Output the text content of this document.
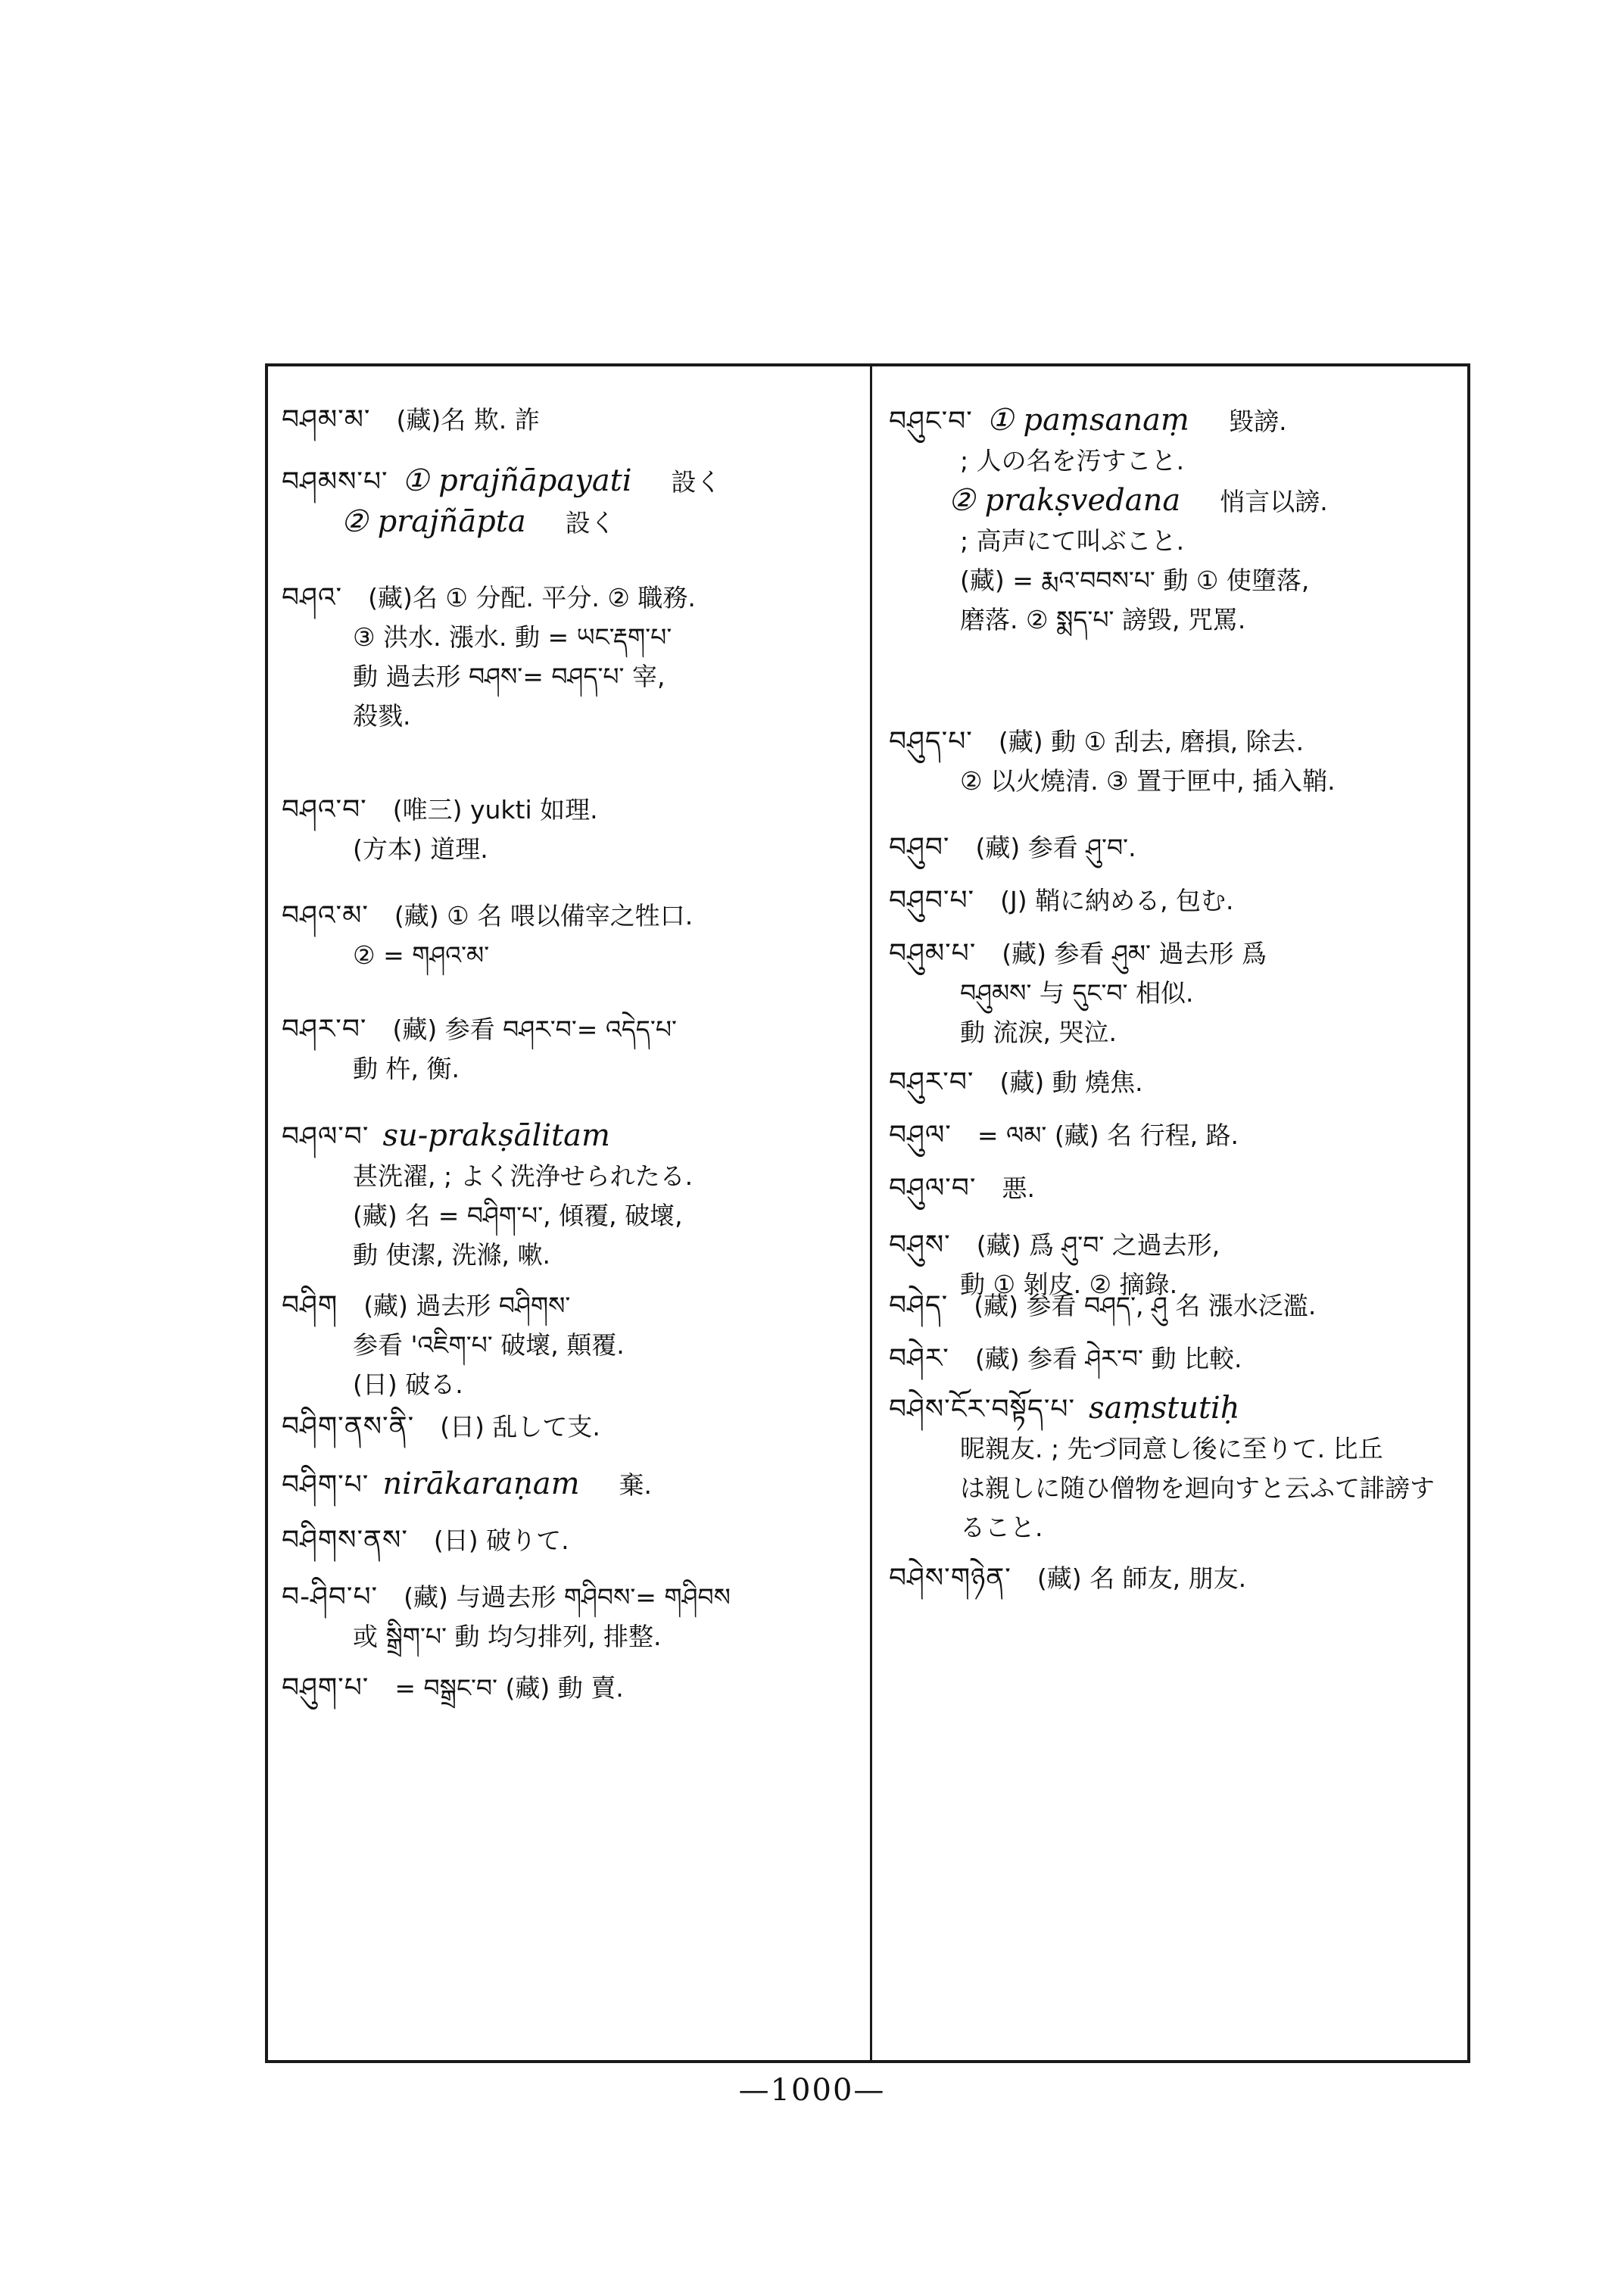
བཤམ་མ་ (藏)名 欺. 詐
བཤམས་པ་ ① prajñāpayati 設く
② prajñāpta 設く
བཤའ་ (藏)名 ① 分配. 平分. ② 職務.
③ 洪水. 漲水. 動 = ཡང་རྡག་པ་
動 過去形 བཤས་= བཤད་པ་ 宰,
殺戮.
བཤའ་བ་ (唯三) yukti 如理.
(方本) 道理.
བཤའ་མ་ (藏) ① 名 喂以備宰之牲口.
② = གཤའ་མ་
བཤར་བ་ (藏) 参看 བཤར་བ་= འདེད་པ་
動 杵, 衡.
བཤལ་བ་ su-prakṣālitam
甚洗濯, ; よく洗浄せられたる.
(藏) 名 = བཤིག་པ་, 傾覆, 破壞,
動 使潔, 洗滌, 嗽.
བཤིག (藏) 過去形 བཤིགས་
参看 'འཇིག་པ་ 破壞, 顛覆.
(日) 破る.
བཤིག་ནས་ནི་ (日) 乱して支.
བཤིག་པ་ nirākaraṇam 棄.
བཤིགས་ནས་ (日) 破りて.
བ-ཤིབ་པ་ (藏) 与過去形 གཤིབས་= གཤིབས
或 སྒྲིག་པ་ 動 均匀排列, 排整.
བཤུག་པ་ = བསྒྲང་བ་ (藏) 動 賣.
བཤུང་བ་ ① paṃsanaṃ 毀謗.
; 人の名を汚すこと.
② prakṣvedana 悄言以謗.
; 高声にて叫ぶこと.
(藏) = རྨའ་བབས་པ་ 動 ① 使墮落,
磨落. ② སྨད་པ་ 謗毀, 咒罵.
བཤུད་པ་ (藏) 動 ① 刮去, 磨損, 除去.
② 以火燒清. ③ 置于匣中, 插入鞘.
བཤུབ་ (藏) 参看 ཤུ་བ་.
བཤུབ་པ་ (J) 鞘に納める, 包む.
བཤུམ་པ་ (藏) 参看 ཤུམ་ 過去形 爲
བཤུམས་ 与 དུང་བ་ 相似.
動 流淚, 哭泣.
བཤུར་བ་ (藏) 動 燒焦.
བཤུལ་ = ལམ་ (藏) 名 行程, 路.
བཤུལ་བ་ 悪.
བཤུས་ (藏) 爲 ཤུ་བ་ 之過去形,
動 ① 剝皮. ② 摘錄.
བཤེད་ (藏) 参看 བཤད་, ཤུ 名 漲水泛濫.
བཤེར་ (藏) 参看 ཤེར་བ་ 動 比較.
བཤེས་ངོར་བསྟོད་པ་ saṃstutiḥ
昵親友. ; 先づ同意し後に至りて. 比丘
は親しに随ひ僧物を迴向すと云ふて誹謗す
ること.
བཤེས་གཉེན་ (藏) 名 師友, 朋友.
—1000—
